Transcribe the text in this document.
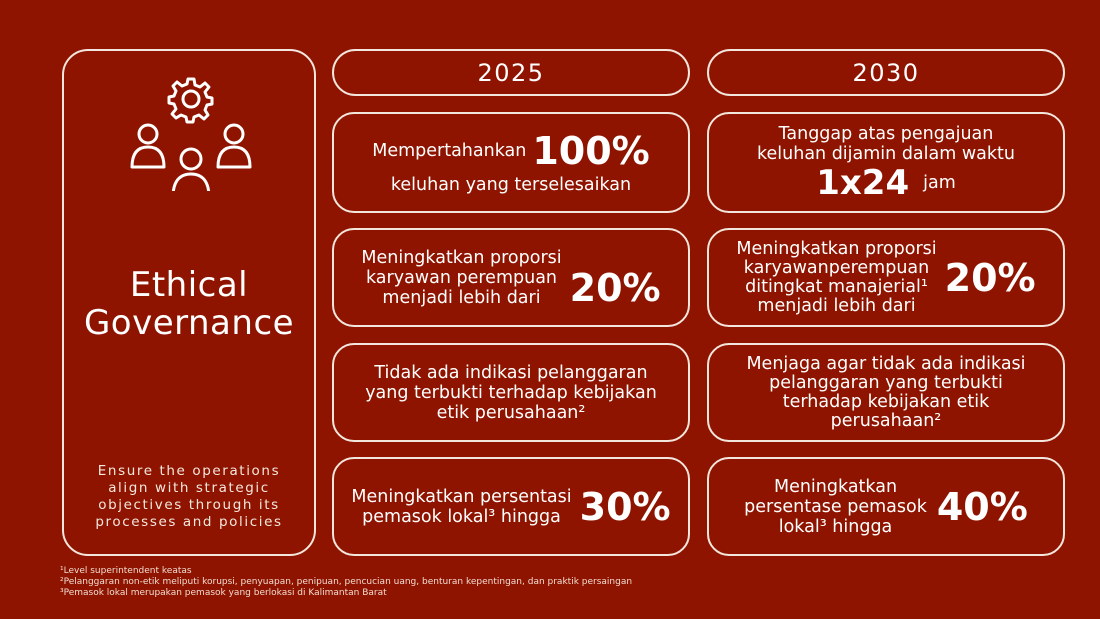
Ethical
Governance
Ensure the operations
align with strategic
objectives through its
processes and policies
2025	2030
Mempertahankan 100%
keluhan yang terselesaikan
Meningkatkan proporsi
karyawan perempuan
menjadi lebih dari 20%
Tidak ada indikasi pelanggaran
yang terbukti terhadap kebijakan
etik perusahaan²
Meningkatkan persentasi
pemasok lokal³ hingga 30%
Tanggap atas pengajuan
keluhan dijamin dalam waktu
1x24 jam
Meningkatkan proporsi
karyawanperempuan
ditingkat manajerial¹
menjadi lebih dari
20%
Menjaga agar tidak ada indikasi
pelanggaran yang terbukti
terhadap kebijakan etik
perusahaan²
Meningkatkan
persentase pemasok
lokal³ hingga	40%
¹Level superintendent keatas
²Pelanggaran non-etik meliputi korupsi, penyuapan, penipuan, pencucian uang, benturan kepentingan, dan praktik persaingan
³Pemasok lokal merupakan pemasok yang berlokasi di Kalimantan Barat
